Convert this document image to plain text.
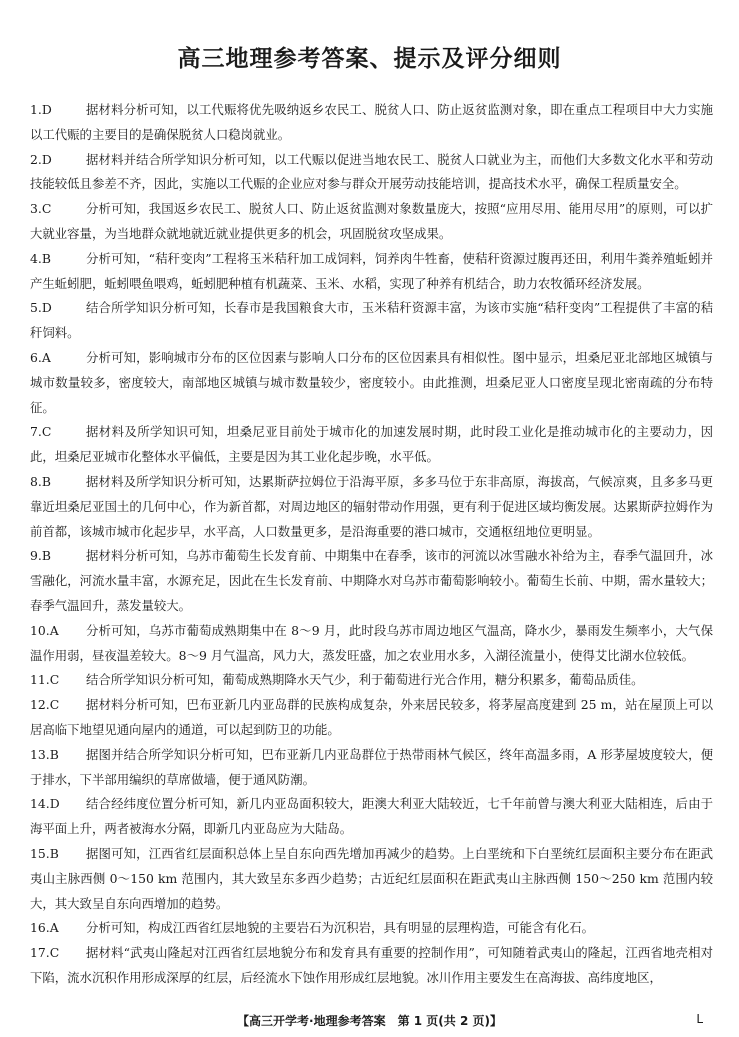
高三地理参考答案、提示及评分细则
1.D	据材料分析可知，以工代赈将优先吸纳返乡农民工、脱贫人口、防止返贫监测对象，即在重点工程项目中大力实施以工代赈的主要目的是确保脱贫人口稳岗就业。
2.D	据材料并结合所学知识分析可知，以工代赈以促进当地农民工、脱贫人口就业为主，而他们大多数文化水平和劳动技能较低且参差不齐，因此，实施以工代赈的企业应对参与群众开展劳动技能培训，提高技术水平，确保工程质量安全。
3.C	分析可知，我国返乡农民工、脱贫人口、防止返贫监测对象数量庞大，按照“应用尽用、能用尽用”的原则，可以扩大就业容量，为当地群众就地就近就业提供更多的机会，巩固脱贫攻坚成果。
4.B	分析可知，“秸秆变肉”工程将玉米秸秆加工成饲料，饲养肉牛牲畜，使秸秆资源过腹再还田，利用牛粪养殖蚯蚓并产生蚯蚓肥，蚯蚓喂鱼喂鸡，蚯蚓肥种植有机蔬菜、玉米、水稻，实现了种养有机结合，助力农牧循环经济发展。
5.D	结合所学知识分析可知，长春市是我国粮食大市，玉米秸秆资源丰富，为该市实施“秸秆变肉”工程提供了丰富的秸秆饲料。
6.A	分析可知，影响城市分布的区位因素与影响人口分布的区位因素具有相似性。图中显示，坦桑尼亚北部地区城镇与城市数量较多，密度较大，南部地区城镇与城市数量较少，密度较小。由此推测，坦桑尼亚人口密度呈现北密南疏的分布特征。
7.C	据材料及所学知识可知，坦桑尼亚目前处于城市化的加速发展时期，此时段工业化是推动城市化的主要动力，因此，坦桑尼亚城市化整体水平偏低，主要是因为其工业化起步晚，水平低。
8.B	据材料及所学知识分析可知，达累斯萨拉姆位于沿海平原，多多马位于东非高原，海拔高，气候凉爽，且多多马更靠近坦桑尼亚国土的几何中心，作为新首都，对周边地区的辐射带动作用强，更有利于促进区域均衡发展。达累斯萨拉姆作为前首都，该城市城市化起步早，水平高，人口数量更多，是沿海重要的港口城市，交通枢纽地位更明显。
9.B	据材料分析可知，乌苏市葡萄生长发育前、中期集中在春季，该市的河流以冰雪融水补给为主，春季气温回升，冰雪融化，河流水量丰富，水源充足，因此在生长发育前、中期降水对乌苏市葡萄影响较小。葡萄生长前、中期，需水量较大；春季气温回升，蒸发量较大。
10.A	分析可知，乌苏市葡萄成熟期集中在 8～9 月，此时段乌苏市周边地区气温高，降水少，暴雨发生频率小，大气保温作用弱，昼夜温差较大。8～9 月气温高，风力大，蒸发旺盛，加之农业用水多，入湖径流量小，使得艾比湖水位较低。
11.C	结合所学知识分析可知，葡萄成熟期降水天气少，利于葡萄进行光合作用，糖分积累多，葡萄品质佳。
12.C	据材料分析可知，巴布亚新几内亚岛群的民族构成复杂，外来居民较多，将茅屋高度建到 25 m，站在屋顶上可以居高临下地望见通向屋内的通道，可以起到防卫的功能。
13.B	据图并结合所学知识分析可知，巴布亚新几内亚岛群位于热带雨林气候区，终年高温多雨，A 形茅屋坡度较大，便于排水，下半部用编织的草席做墙，便于通风防潮。
14.D	结合经纬度位置分析可知，新几内亚岛面积较大，距澳大利亚大陆较近，七千年前曾与澳大利亚大陆相连，后由于海平面上升，两者被海水分隔，即新几内亚岛应为大陆岛。
15.B	据图可知，江西省红层面积总体上呈自东向西先增加再减少的趋势。上白垩统和下白垩统红层面积主要分布在距武夷山主脉西侧 0～150 km 范围内，其大致呈东多西少趋势；古近纪红层面积在距武夷山主脉西侧 150～250 km 范围内较大，其大致呈自东向西增加的趋势。
16.A	分析可知，构成江西省红层地貌的主要岩石为沉积岩，具有明显的层理构造，可能含有化石。
17.C	据材料“武夷山隆起对江西省红层地貌分布和发育具有重要的控制作用”，可知随着武夷山的隆起，江西省地壳相对下陷，流水沉积作用形成深厚的红层，后经流水下蚀作用形成红层地貌。冰川作用主要发生在高海拔、高纬度地区，
【高三开学考·地理参考答案　第 1 页(共 2 页)】	L
